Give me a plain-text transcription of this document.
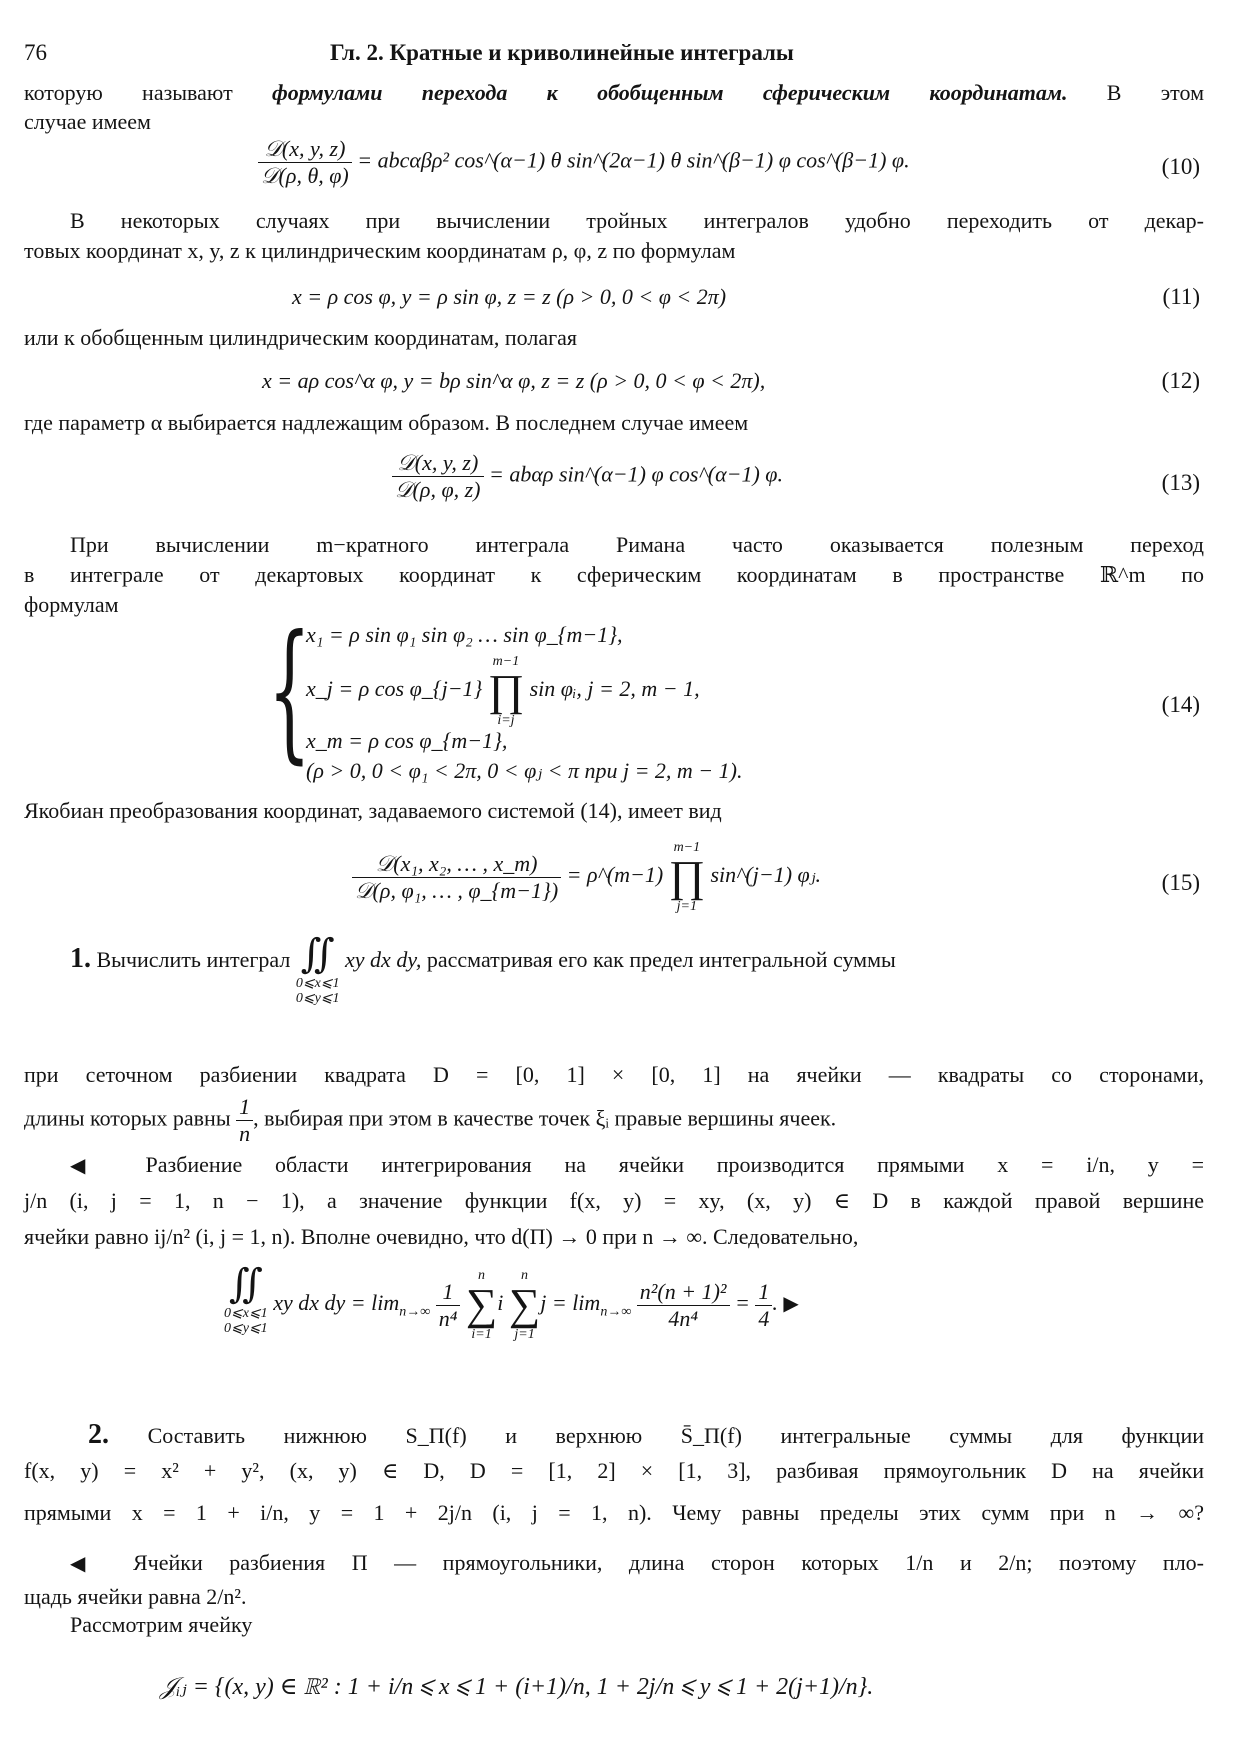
76	Гл. 2. Кратные и криволинейные интегралы
которую называют формулами перехода к обобщенным сферическим координатам. В этом
случае имеем
$\frac{\text{𝒟(x, y, z)}}{\text{𝒟(ρ, θ, φ)}} = abc\alpha\beta\rho^2$ cos^(α−1) θ sin^(2α−1) θ sin^(β−1) φ cos^(β−1) φ.	(10)
В некоторых случаях при вычислении тройных интегралов удобно переходить от декар-
товых координат x, y, z к цилиндрическим координатам ρ, φ, z по формулам
x = ρ cos φ, y = ρ sin φ, z = z (ρ > 0, 0 < φ < 2π)	(11)
или к обобщенным цилиндрическим координатам, полагая
x = aρ cos^α φ, y = bρ sin^α φ, z = z (ρ > 0, 0 < φ < 2π),	(12)
где параметр α выбирается надлежащим образом. В последнем случае имеем
$\frac{\text{𝒟(x, y, z)}}{\text{𝒟(ρ, φ, z)}} = ab\alpha\rho$ sin^(α−1) φ cos^(α−1) φ.	(13)
При вычислении m−кратного интеграла Римана часто оказывается полезным переход
в интеграле от декартовых координат к сферическим координатам в пространстве ℝ^m по
формулам {
x₁ = ρ sin φ₁ sin φ₂ … sin φ_{m−1},
x_j = ρ cos φ_{j−1}
m−1
∏
i=j
sin φᵢ, j = 2, m − 1,
x_m = ρ cos φ_{m−1},
(ρ > 0, 0 < φ₁ < 2π, 0 < φⱼ < π при j = 2, m − 1).
(14)
Якобиан преобразования координат, задаваемого системой (14), имеет вид
$\frac{\text{𝒟(x₁, x₂, … , x\_m)}}{\text{𝒟(ρ, φ₁, … , φ\_\{m−1\})}}$ = ρ^(m−1)
m−1
∏
j=1
sin^(j−1) φⱼ.	(15)
1. Вычислить интеграл ∬
0⩽x⩽1
0⩽y⩽1
xy dx dy, рассматривая его как предел интегральной суммы
при сеточном разбиении квадрата D = [0, 1] × [0, 1] на ячейки — квадраты со сторонами,
длины которых равны $\frac{1}{n}$ , выбирая при этом в качестве точек ξᵢ правые вершины ячеек.
◀ Разбиение области интегрирования на ячейки производится прямыми x = i/n, y =
j/n (i, j = 1, n − 1), а значение функции f(x, y) = xy, (x, y) ∈ D в каждой правой вершине
ячейки равно ij/n² (i, j = 1, n). Вполне очевидно, что d(Π) → 0 при n → ∞. Следовательно,
∬
0⩽x⩽1
0⩽y⩽1
xy dx dy = $\lim_{n\to\infty} \frac{1}{\text{n⁴}}$

n
∑
i=1
i
n
∑
j=1
$j = \lim_{n\to\infty} \frac{\text{n²(n + 1)²}}{\text{4n⁴}} = \frac{1}{4}$ . ▶
2. Составить нижнюю S_Π(f) и верхнюю S̄_Π(f) интегральные суммы для функции
f(x, y) = x² + y², (x, y) ∈ D, D = [1, 2] × [1, 3], разбивая прямоугольник D на ячейки
прямыми x = 1 + i/n, y = 1 + 2j/n (i, j = 1, n). Чему равны пределы этих сумм при n → ∞?
◀ Ячейки разбиения Π — прямоугольники, длина сторон которых 1/n и 2/n; поэтому пло-
щадь ячейки равна 2/n².
Рассмотрим ячейку
𝒥ᵢⱼ = {(x, y) ∈ ℝ² : 1 + i/n ⩽ x ⩽ 1 + (i+1)/n, 1 + 2j/n ⩽ y ⩽ 1 + 2(j+1)/n}.
